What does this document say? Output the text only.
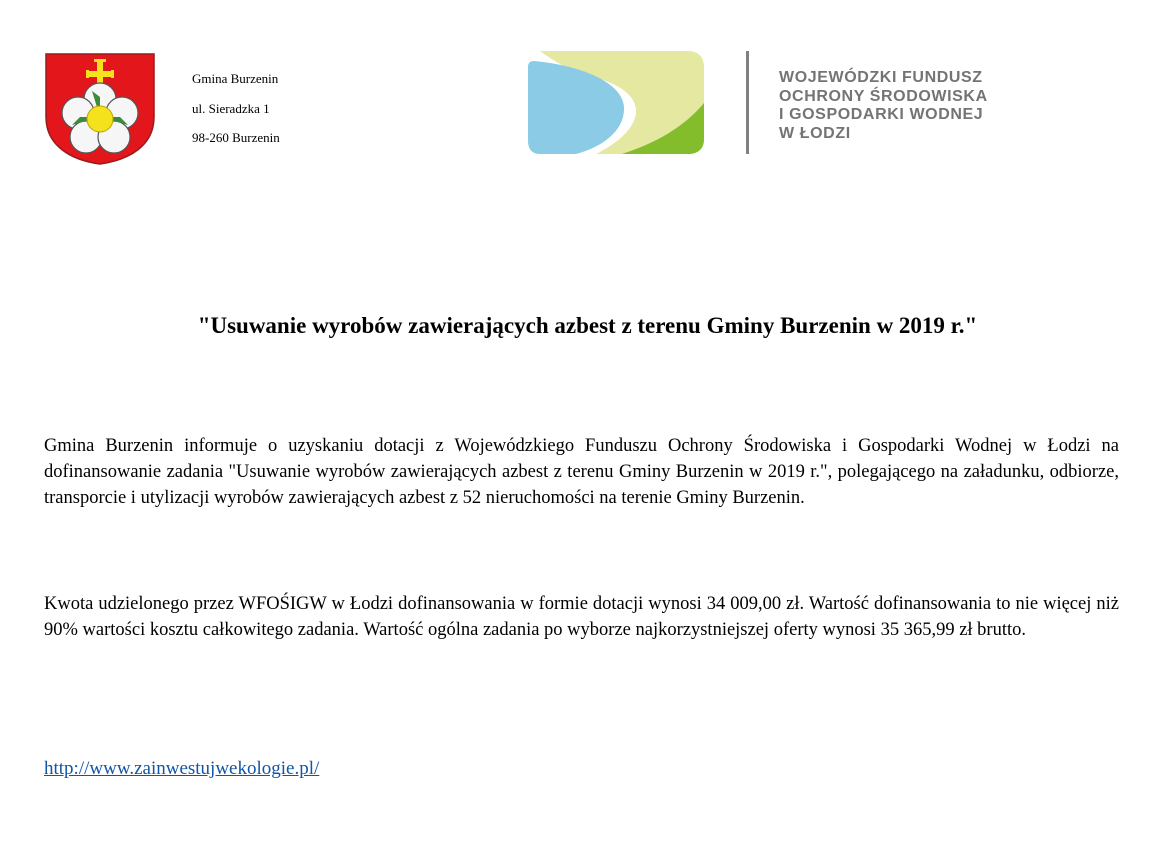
Gmina Burzenin
ul. Sieradzka 1
98-260 Burzenin
WOJEWÓDZKI FUNDUSZ
OCHRONY ŚRODOWISKA
I GOSPODARKI WODNEJ
W ŁODZI
"Usuwanie wyrobów zawierających azbest z terenu Gminy Burzenin w 2019 r."
Gmina Burzenin informuje o uzyskaniu dotacji z Wojewódzkiego Funduszu Ochrony Środowiska i Gospodarki Wodnej w Łodzi na dofinansowanie zadania "Usuwanie wyrobów zawierających azbest z terenu Gminy Burzenin w 2019 r.", polegającego na załadunku, odbiorze, transporcie i utylizacji wyrobów zawierających azbest z 52 nieruchomości na terenie Gminy Burzenin.
Kwota udzielonego przez WFOŚIGW w Łodzi dofinansowania w formie dotacji wynosi 34 009,00 zł. Wartość dofinansowania to nie więcej niż 90% wartości kosztu całkowitego zadania. Wartość ogólna zadania po wyborze najkorzystniejszej oferty wynosi 35 365,99 zł brutto.
http://www.zainwestujwekologie.pl/
